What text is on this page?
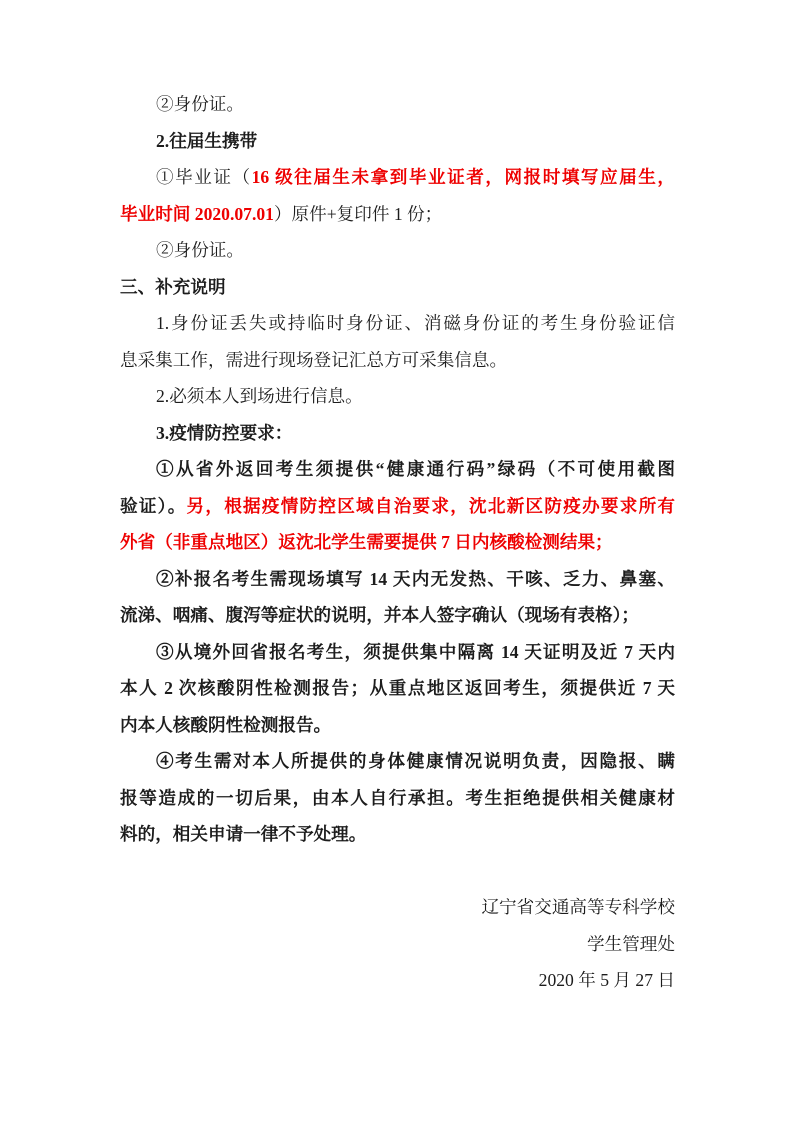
②身份证。
2.往届生携带
①毕业证（16 级往届生未拿到毕业证者，网报时填写应届生，
毕业时间 2020.07.01）原件+复印件 1 份；
②身份证。
三、补充说明
1.身份证丢失或持临时身份证、消磁身份证的考生身份验证信
息采集工作，需进行现场登记汇总方可采集信息。
2.必须本人到场进行信息。
3.疫情防控要求：
①从省外返回考生须提供“健康通行码”绿码（不可使用截图
验证）。另，根据疫情防控区域自治要求，沈北新区防疫办要求所有
外省（非重点地区）返沈北学生需要提供 7 日内核酸检测结果；
②补报名考生需现场填写 14 天内无发热、干咳、乏力、鼻塞、
流涕、咽痛、腹泻等症状的说明，并本人签字确认（现场有表格）；
③从境外回省报名考生，须提供集中隔离 14 天证明及近 7 天内
本人 2 次核酸阴性检测报告；从重点地区返回考生，须提供近 7 天
内本人核酸阴性检测报告。
④考生需对本人所提供的身体健康情况说明负责，因隐报、瞒
报等造成的一切后果，由本人自行承担。考生拒绝提供相关健康材
料的，相关申请一律不予处理。
辽宁省交通高等专科学校
学生管理处
2020 年 5 月 27 日
